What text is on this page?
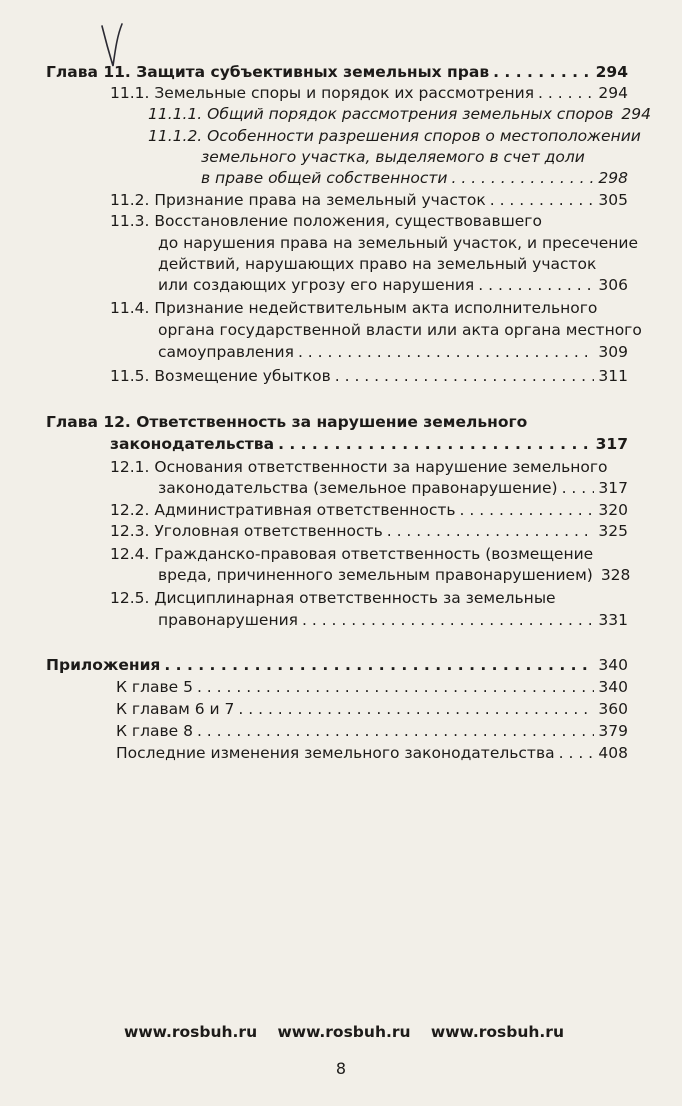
Глава 11. Защита субъективных земельных прав . . .	294
11.1. Земельные споры и порядок их рассмотрения . . .	294
11.1.1. Общий порядок рассмотрения земельных споров 294
11.1.2. Особенности разрешения споров о местоположении
земельного участка, выделяемого в счет доли
в праве общей собственности . . .	298
11.2. Признание права на земельный участок . . .	305
11.3. Восстановление положения, существовавшего
до нарушения права на земельный участок, и пресечение
действий, нарушающих право на земельный участок
или создающих угрозу его нарушения . . .	306
11.4. Признание недействительным акта исполнительного
органа государственной власти или акта органа местного
самоуправления . . .	309
11.5. Возмещение убытков . . .	311
Глава 12. Ответственность за нарушение земельного
законодательства . . .	317
12.1. Основания ответственности за нарушение земельного
законодательства (земельное правонарушение) . . .	317
12.2. Административная ответственность . . .	320
12.3. Уголовная ответственность . . .	325
12.4. Гражданско-правовая ответственность (возмещение
вреда, причиненного земельным правонарушением) 328
12.5. Дисциплинарная ответственность за земельные
правонарушения . . .	331
Приложения . . .	340
К главе 5 . . .	340
К главам 6 и 7 . . .	360
К главе 8 . . .	379
Последние изменения земельного законодательства . . .	408
www.rosbuh.ru www.rosbuh.ru www.rosbuh.ru
8
